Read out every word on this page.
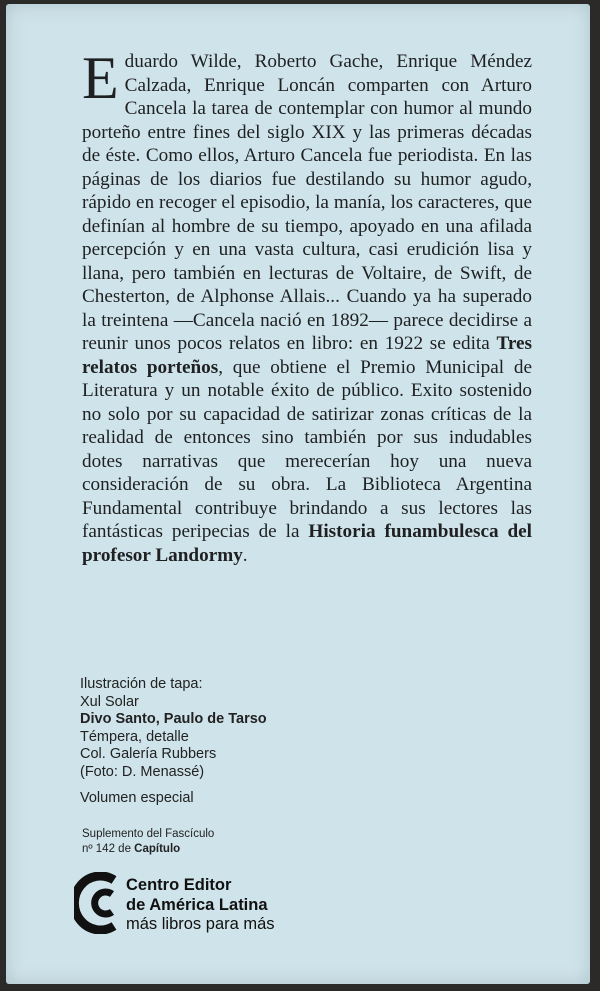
Eduardo Wilde, Roberto Gache, Enrique Méndez Calzada, Enrique Loncán comparten con Arturo Cancela la tarea de contemplar con humor al mundo porteño entre fines del siglo XIX y las primeras décadas de éste. Como ellos, Arturo Cancela fue periodista. En las páginas de los diarios fue destilando su humor agudo, rápido en recoger el episodio, la manía, los caracteres, que definían al hombre de su tiempo, apoyado en una afilada percepción y en una vasta cultura, casi erudición lisa y llana, pero también en lecturas de Voltaire, de Swift, de Chesterton, de Alphonse Allais... Cuando ya ha superado la treintena —Cancela nació en 1892— parece decidirse a reunir unos pocos relatos en libro: en 1922 se edita Tres relatos porteños, que obtiene el Premio Municipal de Literatura y un notable éxito de público. Exito sostenido no solo por su capacidad de satirizar zonas críticas de la realidad de entonces sino también por sus indudables dotes narrativas que merecerían hoy una nueva consideración de su obra. La Biblioteca Argentina Fundamental contribuye brindando a sus lectores las fantásticas peripecias de la Historia funambulesca del profesor Landormy.
Ilustración de tapa:
Xul Solar
Divo Santo, Paulo de Tarso
Témpera, detalle
Col. Galería Rubbers
(Foto: D. Menassé)
Volumen especial
Suplemento del Fascículo
nº 142 de Capítulo
Centro Editor
de América Latina
más libros para más
